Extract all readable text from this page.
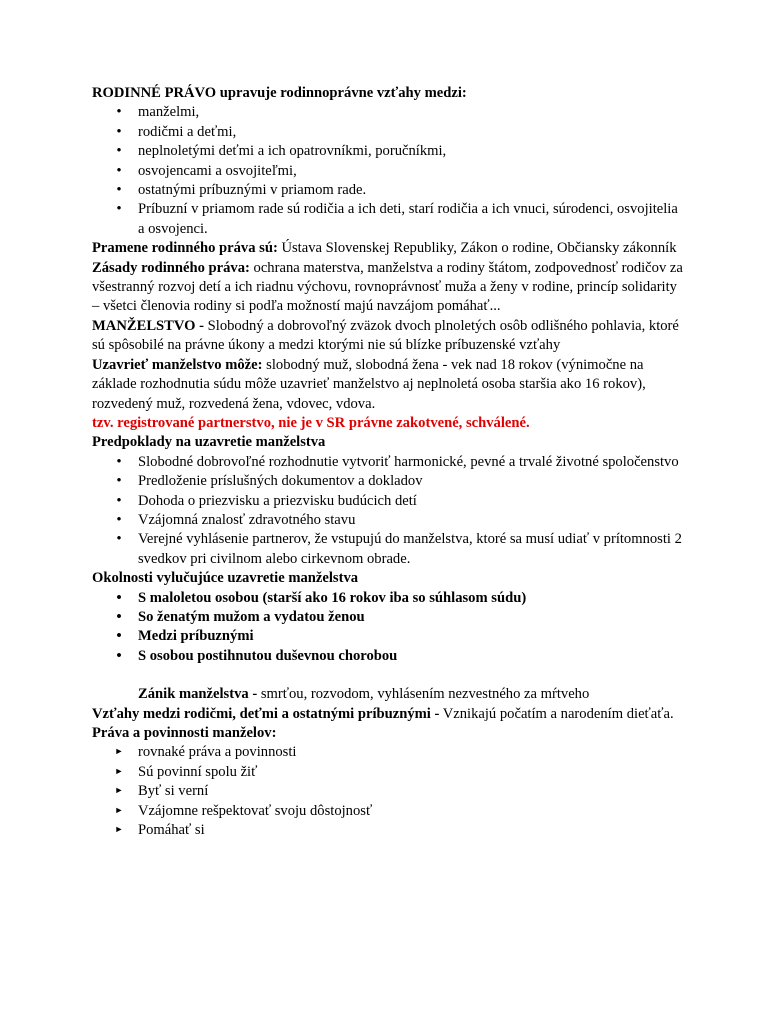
RODINNÉ PRÁVO upravuje rodinnoprávne vzťahy medzi:

•
manželmi,
•
rodičmi a deťmi,
•
neplnoletými deťmi a ich opatrovníkmi, poručníkmi,
•
osvojencami a osvojiteľmi,
•
ostatnými príbuznými v priamom rade.
•
Príbuzní v priamom rade sú rodičia a ich deti, starí rodičia a ich vnuci, súrodenci, osvojitelia a osvojenci.

Pramene rodinného práva sú: Ústava Slovenskej Republiky, Zákon o rodine, Občiansky zákonník

Zásady rodinného práva: ochrana materstva, manželstva a rodiny štátom, zodpovednosť rodičov za všestranný rozvoj detí a ich riadnu výchovu, rovnoprávnosť muža a ženy v rodine, princíp solidarity – všetci členovia rodiny si podľa možností majú navzájom pomáhať...

MANŽELSTVO - Slobodný a dobrovoľný zväzok dvoch plnoletých osôb odlišného pohlavia, ktoré sú spôsobilé na právne úkony a medzi ktorými nie sú blízke príbuzenské vzťahy

Uzavrieť manželstvo môže: slobodný muž, slobodná žena - vek nad 18 rokov (výnimočne na základe rozhodnutia súdu môže uzavrieť manželstvo aj neplnoletá osoba staršia ako 16 rokov), rozvedený muž, rozvedená žena, vdovec, vdova.

tzv. registrované partnerstvo, nie je v SR právne zakotvené, schválené.

Predpoklady na uzavretie manželstva

•
Slobodné dobrovoľné rozhodnutie vytvoriť harmonické, pevné a trvalé životné spoločenstvo
•
Predloženie príslušných dokumentov a dokladov
•
Dohoda o priezvisku a priezvisku budúcich detí
•
Vzájomná znalosť zdravotného stavu
•
Verejné vyhlásenie partnerov, že vstupujú do manželstva, ktoré sa musí udiať v prítomnosti 2 svedkov pri civilnom alebo cirkevnom obrade.

Okolnosti vylučujúce uzavretie manželstva

•
S maloletou osobou (starší ako 16 rokov iba so súhlasom súdu)
•
So ženatým mužom a vydatou ženou
•
Medzi príbuznými
•
S osobou postihnutou duševnou chorobou

Zánik manželstva - smrťou, rozvodom, vyhlásením nezvestného za mŕtveho

Vzťahy medzi rodičmi, deťmi a ostatnými príbuznými - Vznikajú počatím a narodením dieťaťa.

Práva a povinnosti manželov:

►
rovnaké práva a povinnosti
►
Sú povinní spolu žiť
►
Byť si verní
►
Vzájomne rešpektovať svoju dôstojnosť
►
Pomáhať si
